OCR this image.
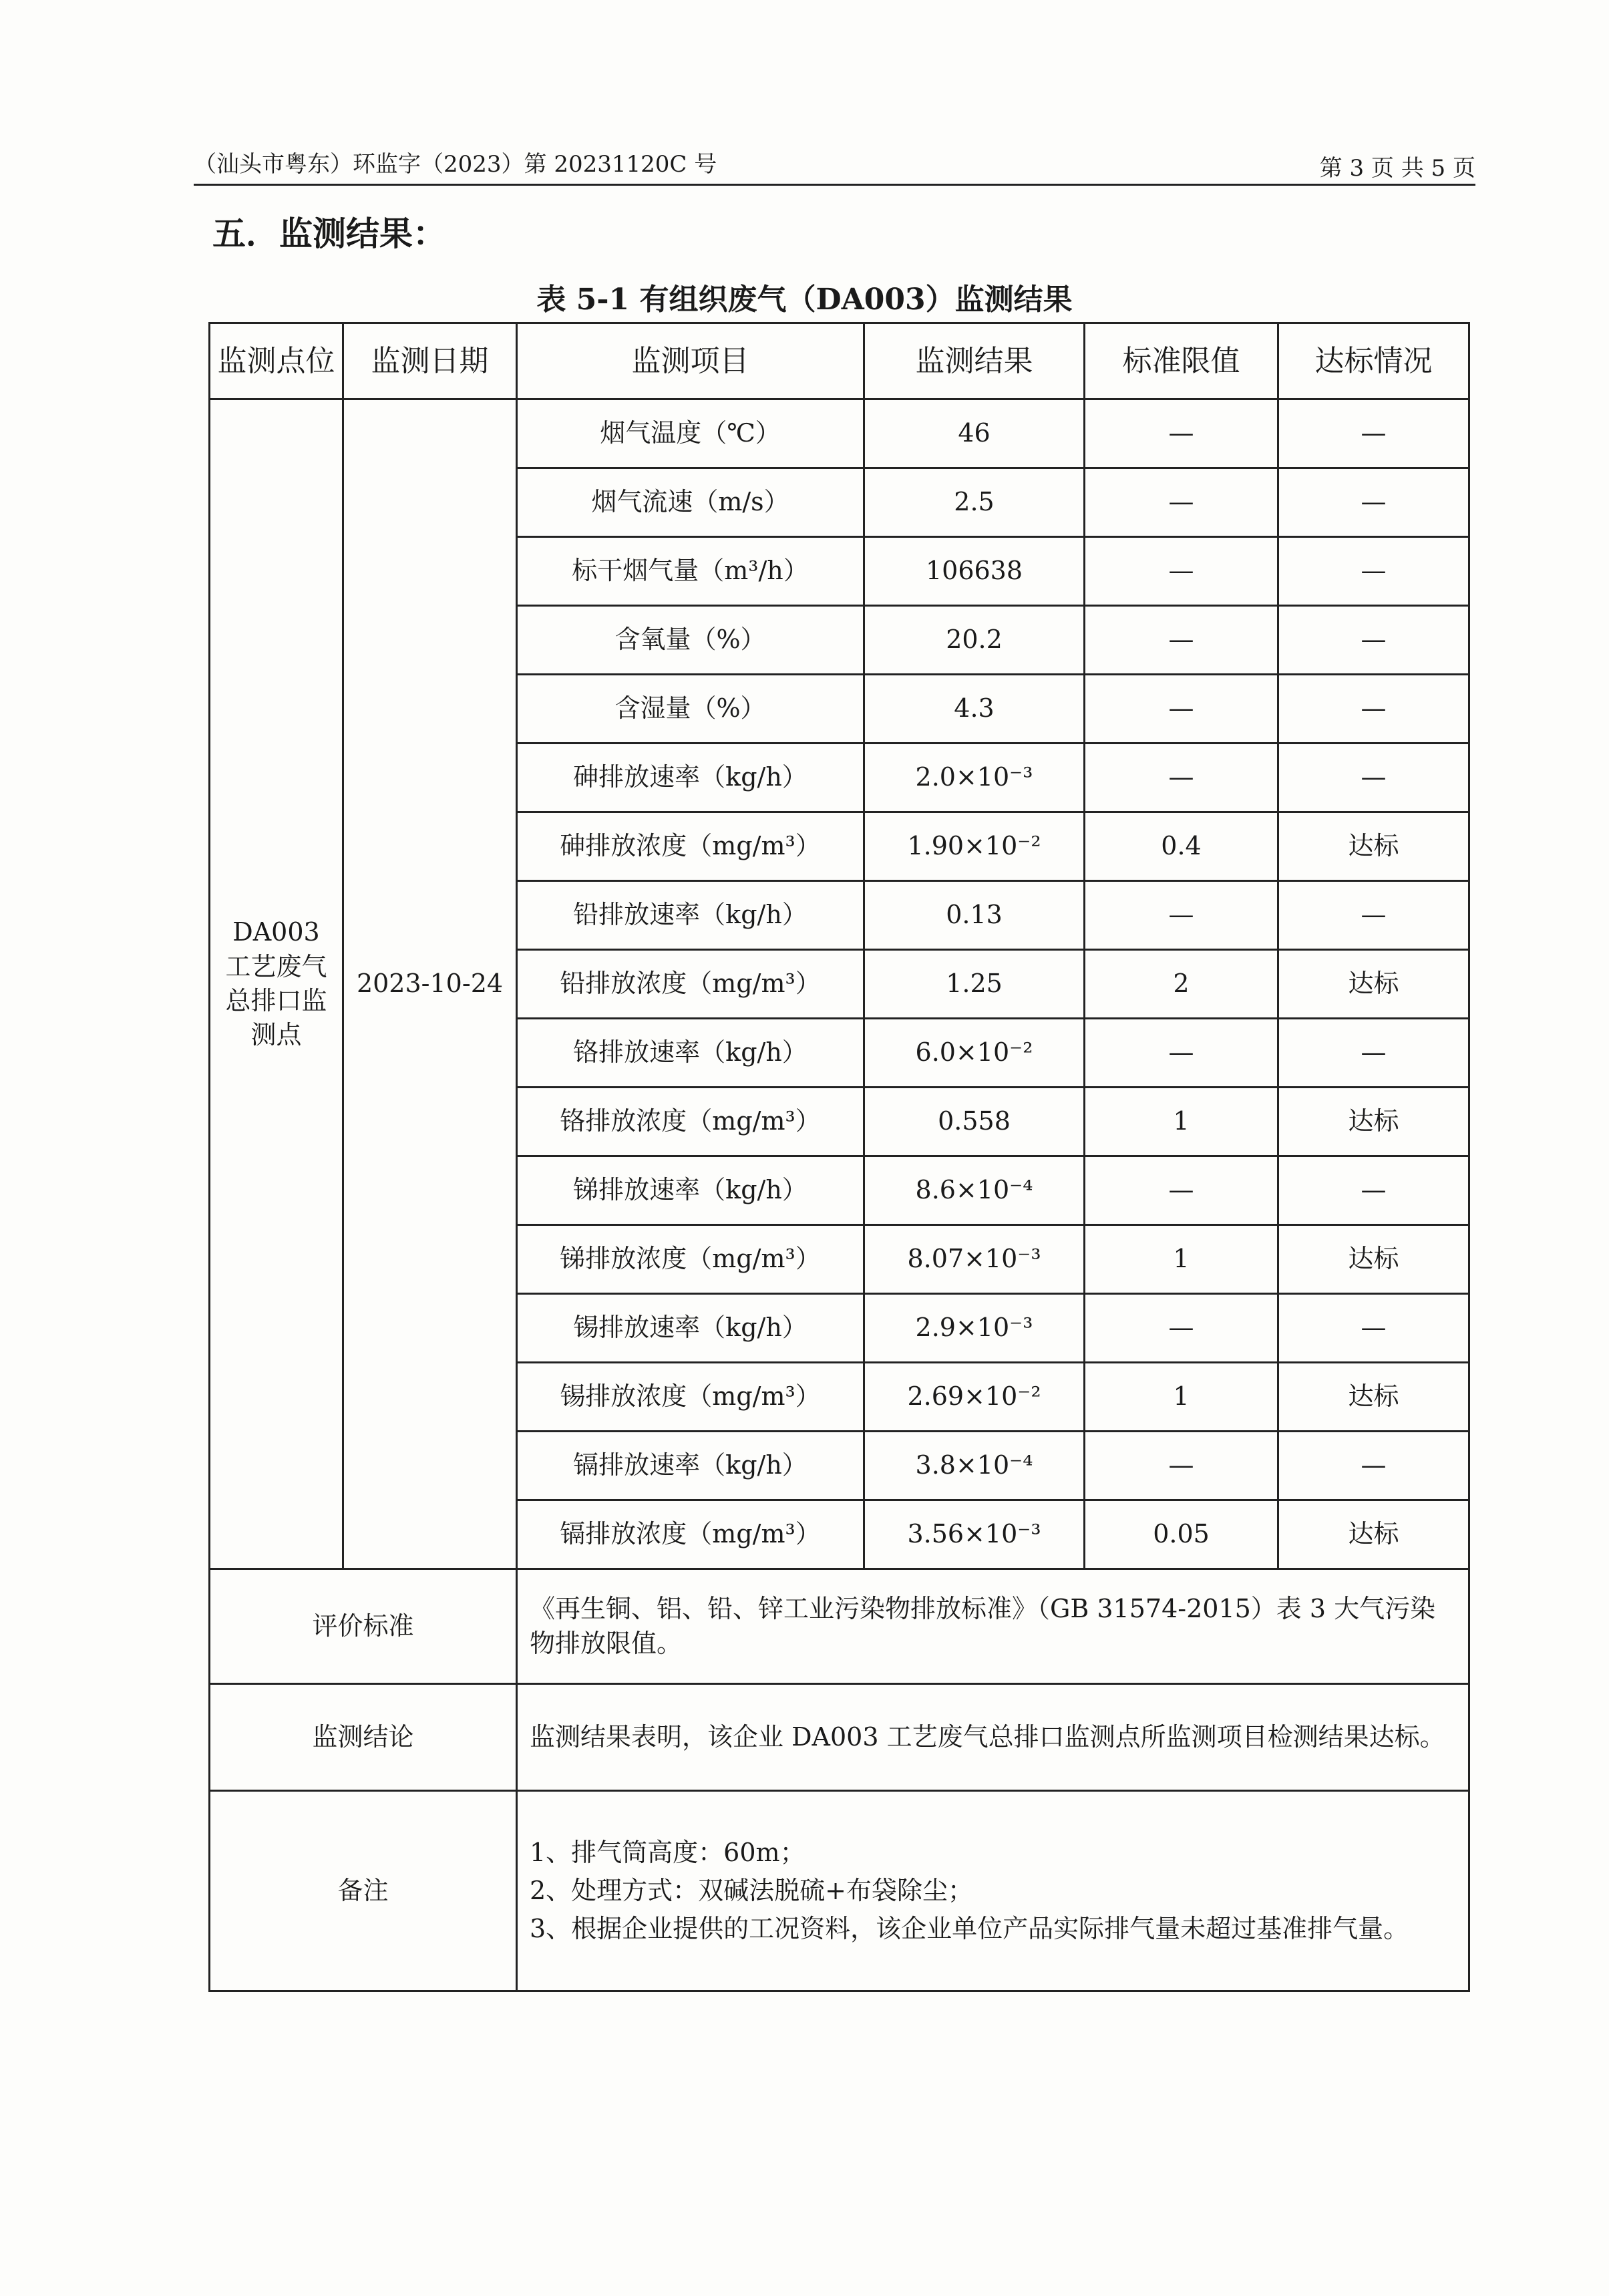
（汕头市粤东）环监字（2023）第 20231120C 号	第 3 页 共 5 页
五．监测结果：
表 5-1 有组织废气（DA003）监测结果
监测点位	监测日期	监测项目	监测结果	标准限值	达标情况
DA003
工艺废气
总排口监
测点	2023-10-24	烟气温度（℃）	46	—	—
		烟气流速（m/s）	2.5	—	—
		标干烟气量（m³/h）	106638	—	—
		含氧量（%）	20.2	—	—
		含湿量（%）	4.3	—	—
		砷排放速率（kg/h）	2.0×10⁻³	—	—
		砷排放浓度（mg/m³）	1.90×10⁻²	0.4	达标
		铅排放速率（kg/h）	0.13	—	—
		铅排放浓度（mg/m³）	1.25	2	达标
		铬排放速率（kg/h）	6.0×10⁻²	—	—
		铬排放浓度（mg/m³）	0.558	1	达标
		锑排放速率（kg/h）	8.6×10⁻⁴	—	—
		锑排放浓度（mg/m³）	8.07×10⁻³	1	达标
		锡排放速率（kg/h）	2.9×10⁻³	—	—
		锡排放浓度（mg/m³）	2.69×10⁻²	1	达标
		镉排放速率（kg/h）	3.8×10⁻⁴	—	—
		镉排放浓度（mg/m³）	3.56×10⁻³	0.05	达标
评价标准		《再生铜、铝、铅、锌工业污染物排放标准》（GB 31574-2015）表 3 大气污染物排放限值。			
监测结论		监测结果表明，该企业 DA003 工艺废气总排口监测点所监测项目检测结果达标。			
备注		1、排气筒高度：60m；
2、处理方式：双碱法脱硫+布袋除尘；
3、根据企业提供的工况资料，该企业单位产品实际排气量未超过基准排气量。			
